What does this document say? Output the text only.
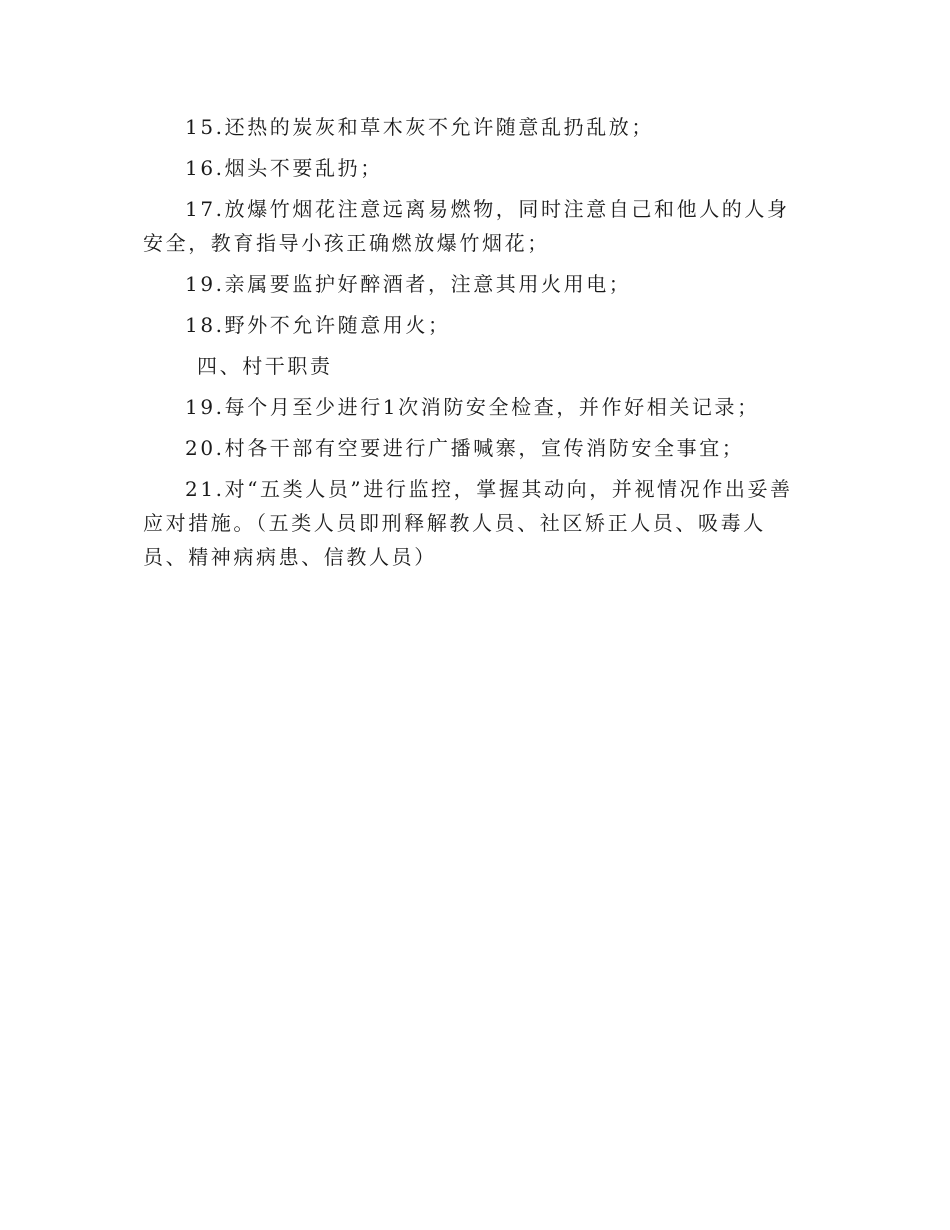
15.还热的炭灰和草木灰不允许随意乱扔乱放；

16.烟头不要乱扔；

17.放爆竹烟花注意远离易燃物，同时注意自己和他人的人身安全，教育指导小孩正确燃放爆竹烟花；

19.亲属要监护好醉酒者，注意其用火用电；

18.野外不允许随意用火；

四、村干职责

19.每个月至少进行1次消防安全检查，并作好相关记录；

20.村各干部有空要进行广播喊寨，宣传消防安全事宜；

21.对“五类人员”进行监控，掌握其动向，并视情况作出妥善应对措施。（五类人员即刑释解教人员、社区矫正人员、吸毒人员、精神病病患、信教人员）
